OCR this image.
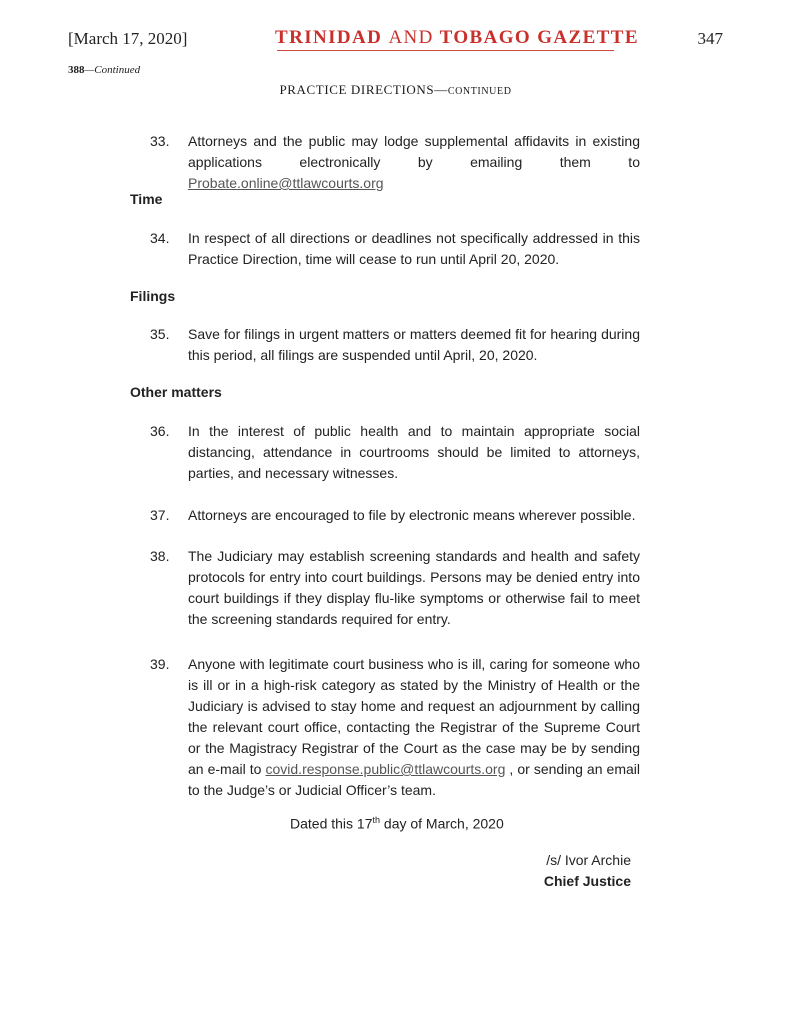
[March 17, 2020]	TRINIDAD AND TOBAGO GAZETTE	347
388—Continued
PRACTICE DIRECTIONS—CONTINUED
33. Attorneys and the public may lodge supplemental affidavits in existing applications electronically by emailing them to Probate.online@ttlawcourts.org
Time
34. In respect of all directions or deadlines not specifically addressed in this Practice Direction, time will cease to run until April 20, 2020.
Filings
35. Save for filings in urgent matters or matters deemed fit for hearing during this period, all filings are suspended until April, 20, 2020.
Other matters
36. In the interest of public health and to maintain appropriate social distancing, attendance in courtrooms should be limited to attorneys, parties, and necessary witnesses.
37. Attorneys are encouraged to file by electronic means wherever possible.
38. The Judiciary may establish screening standards and health and safety protocols for entry into court buildings. Persons may be denied entry into court buildings if they display flu-like symptoms or otherwise fail to meet the screening standards required for entry.
39. Anyone with legitimate court business who is ill, caring for someone who is ill or in a high-risk category as stated by the Ministry of Health or the Judiciary is advised to stay home and request an adjournment by calling the relevant court office, contacting the Registrar of the Supreme Court or the Magistracy Registrar of the Court as the case may be by sending an e-mail to covid.response.public@ttlawcourts.org , or sending an email to the Judge’s or Judicial Officer’s team.
Dated this 17th day of March, 2020
/s/ Ivor Archie
Chief Justice
